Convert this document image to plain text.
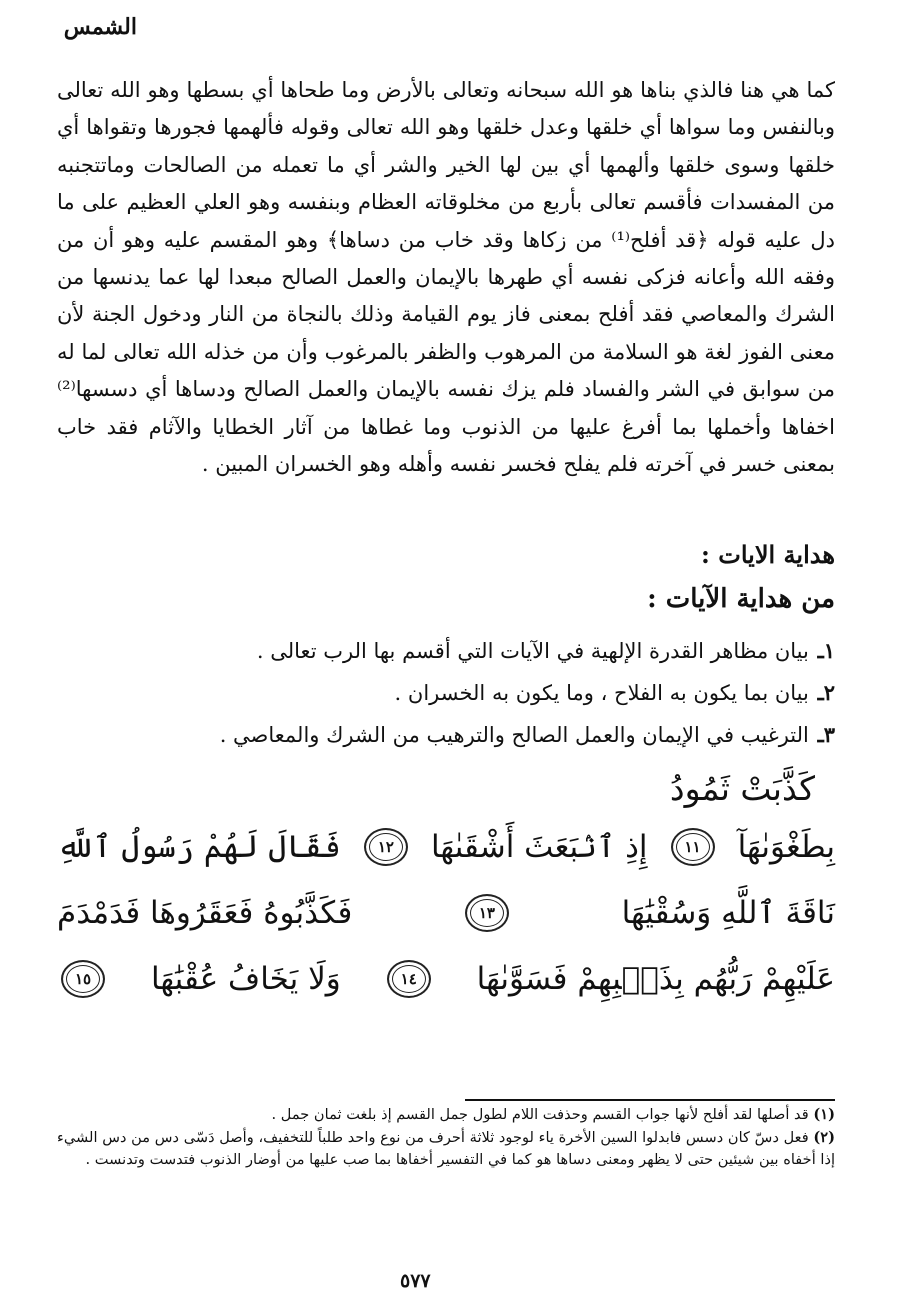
الشمس

كما هي هنا فالذي بناها هو الله سبحانه وتعالى بالأرض وما طحاها أي بسطها وهو الله تعالى وبالنفس وما سواها أي خلقها وعدل خلقها وهو الله تعالى وقوله فألهمها فجورها وتقواها أي خلقها وسوى خلقها وألهمها أي بين لها الخير والشر أي ما تعمله من الصالحات وماتتجنبه من المفسدات فأقسم تعالى بأربع من مخلوقاته العظام وبنفسه وهو العلي العظيم على ما دل عليه قوله ﴿قد أفلح⁽¹⁾ من زكاها وقد خاب من دساها﴾ وهو المقسم عليه وهو أن من وفقه الله وأعانه فزكى نفسه أي طهرها بالإيمان والعمل الصالح مبعدا لها عما يدنسها من الشرك والمعاصي فقد أفلح بمعنى فاز يوم القيامة وذلك بالنجاة من النار ودخول الجنة لأن معنى الفوز لغة هو السلامة من المرهوب والظفر بالمرغوب وأن من خذله الله تعالى لما له من سوابق في الشر والفساد فلم يزك نفسه بالإيمان والعمل الصالح ودساها أي دسسها⁽²⁾ اخفاها وأخملها بما أفرغ عليها من الذنوب وما غطاها من آثار الخطايا والآثام فقد خاب بمعنى خسر في آخرته فلم يفلح فخسر نفسه وأهله وهو الخسران المبين .

هداية الايات :
من هداية الآيات :
١ـ بيان مظاهر القدرة الإلهية في الآيات التي أقسم بها الرب تعالى .
٢ـ بيان بما يكون به الفلاح ، وما يكون به الخسران .
٣ـ الترغيب في الإيمان والعمل الصالح والترهيب من الشرك والمعاصي .
كَذَّبَتْ ثَمُودُ
بِطَغْوَىٰهَآ
١١
إِذِ ٱنۢبَعَثَ أَشْقَىٰهَا
١٢
فَقَالَ لَهُمْ رَسُولُ ٱللَّهِ
نَاقَةَ ٱللَّهِ وَسُقْيَٰهَا
١٣
فَكَذَّبُوهُ فَعَقَرُوهَا فَدَمْدَمَ
عَلَيْهِمْ رَبُّهُم بِذَنۢبِهِمْ فَسَوَّىٰهَا
١٤
وَلَا يَخَافُ عُقْبَٰهَا
١٥

(١) قد أصلها لقد أفلح لأنها جواب القسم وحذفت اللام لطول جمل القسم إذ بلغت ثمان جمل .

(٢) فعل دسّ كان دسس فابدلوا السين الأخرة ياء لوجود ثلاثة أحرف من نوع واحد طلباً للتخفيف، وأصل دَسّى دس من دس الشيء إذا أخفاه بين شيئين حتى لا يظهر ومعنى دساها هو كما في التفسير أخفاها بما صب عليها من أوضار الذنوب فتدست وتدنست .

٥٧٧
